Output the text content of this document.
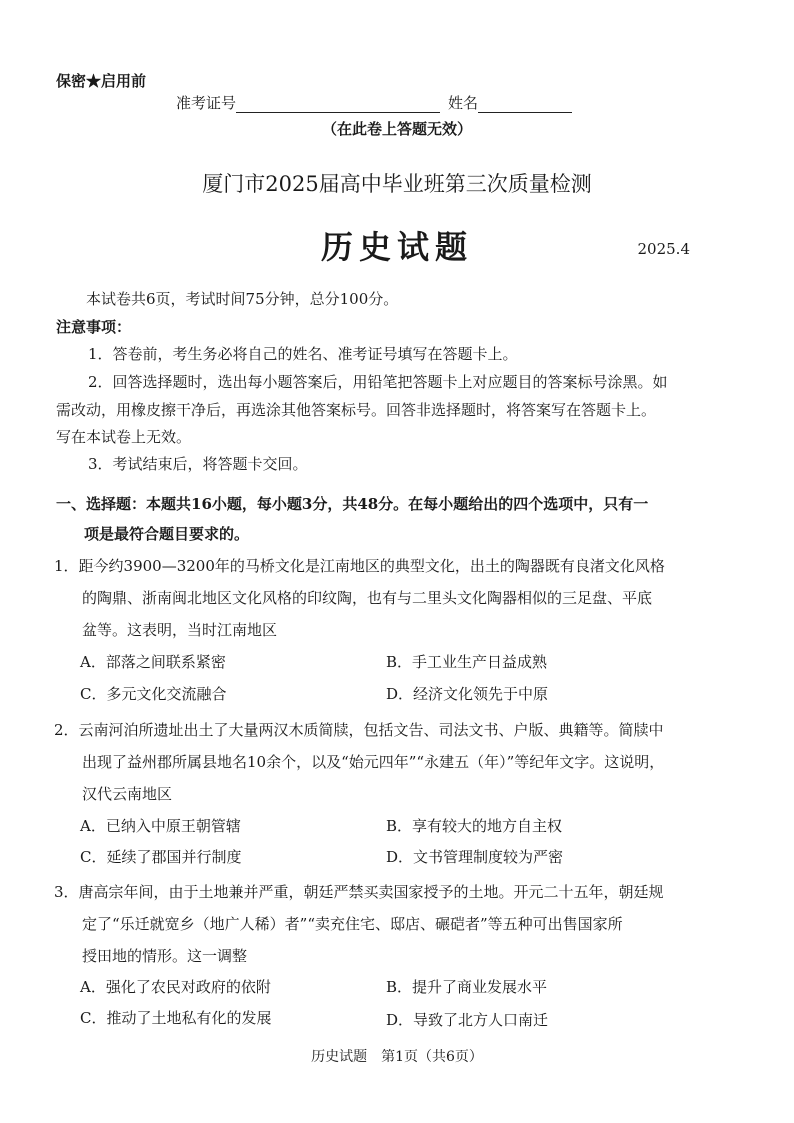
保密★启用前
准考证号	姓名
（在此卷上答题无效）
厦门市2025届高中毕业班第三次质量检测
历史试题	2025.4
本试卷共6页，考试时间75分钟，总分100分。
注意事项：
1．答卷前，考生务必将自己的姓名、准考证号填写在答题卡上。
2．回答选择题时，选出每小题答案后，用铅笔把答题卡上对应题目的答案标号涂黑。如
需改动，用橡皮擦干净后，再选涂其他答案标号。回答非选择题时，将答案写在答题卡上。
写在本试卷上无效。
3．考试结束后，将答题卡交回。
一、选择题：本题共16小题，每小题3分，共48分。在每小题给出的四个选项中，只有一
项是最符合题目要求的。
1．距今约3900—3200年的马桥文化是江南地区的典型文化，出土的陶器既有良渚文化风格
的陶鼎、浙南闽北地区文化风格的印纹陶，也有与二里头文化陶器相似的三足盘、平底
盆等。这表明，当时江南地区
A．部落之间联系紧密	B．手工业生产日益成熟
C．多元文化交流融合	D．经济文化领先于中原
2．云南河泊所遗址出土了大量两汉木质简牍，包括文告、司法文书、户版、典籍等。简牍中
出现了益州郡所属县地名10余个，以及“始元四年”“永建五（年）”等纪年文字。这说明，
汉代云南地区
A．已纳入中原王朝管辖	B．享有较大的地方自主权
C．延续了郡国并行制度	D．文书管理制度较为严密
3．唐高宗年间，由于土地兼并严重，朝廷严禁买卖国家授予的土地。开元二十五年，朝廷规
定了“乐迁就宽乡（地广人稀）者”“卖充住宅、邸店、碾硙者”等五种可出售国家所
授田地的情形。这一调整
A．强化了农民对政府的依附	B．提升了商业发展水平
C．推动了土地私有化的发展	D．导致了北方人口南迁
历史试题　第1页（共6页）
